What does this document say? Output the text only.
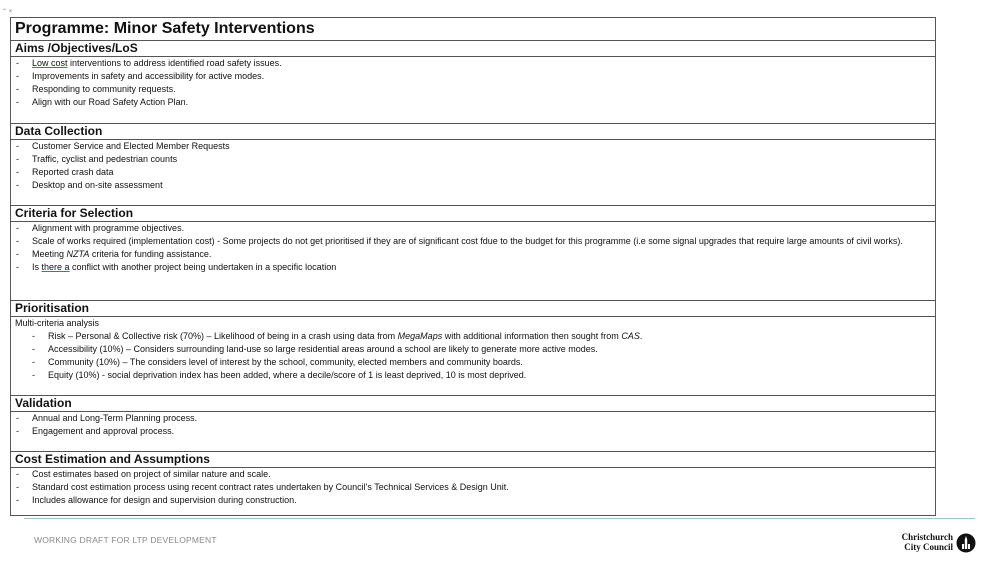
⌃ ×
Programme: Minor Safety Interventions
Aims /Objectives/LoS
- Low cost interventions to address identified road safety issues.
- Improvements in safety and accessibility for active modes.
- Responding to community requests.
- Align with our Road Safety Action Plan.
Data Collection
- Customer Service and Elected Member Requests
- Traffic, cyclist and pedestrian counts
- Reported crash data
- Desktop and on-site assessment
Criteria for Selection
- Alignment with programme objectives.
- Scale of works required (implementation cost) - Some projects do not get prioritised if they are of significant cost fdue to the budget for this programme (i.e some signal upgrades that require large amounts of civil works).
- Meeting NZTA criteria for funding assistance.
- Is there a conflict with another project being undertaken in a specific location
Prioritisation
Multi-criteria analysis
- Risk – Personal & Collective risk (70%) – Likelihood of being in a crash using data from MegaMaps with additional information then sought from CAS.
- Accessibility (10%) – Considers surrounding land-use so large residential areas around a school are likely to generate more active modes.
- Community (10%) – The considers level of interest by the school, community, elected members and community boards.
- Equity (10%) - social deprivation index has been added, where a decile/score of 1 is least deprived, 10 is most deprived.
Validation
- Annual and Long-Term Planning process.
- Engagement and approval process.
Cost Estimation and Assumptions
- Cost estimates based on project of similar nature and scale.
- Standard cost estimation process using recent contract rates undertaken by Council's Technical Services & Design Unit.
- Includes allowance for design and supervision during construction.
WORKING DRAFT FOR LTP DEVELOPMENT	Christchurch
City Council
